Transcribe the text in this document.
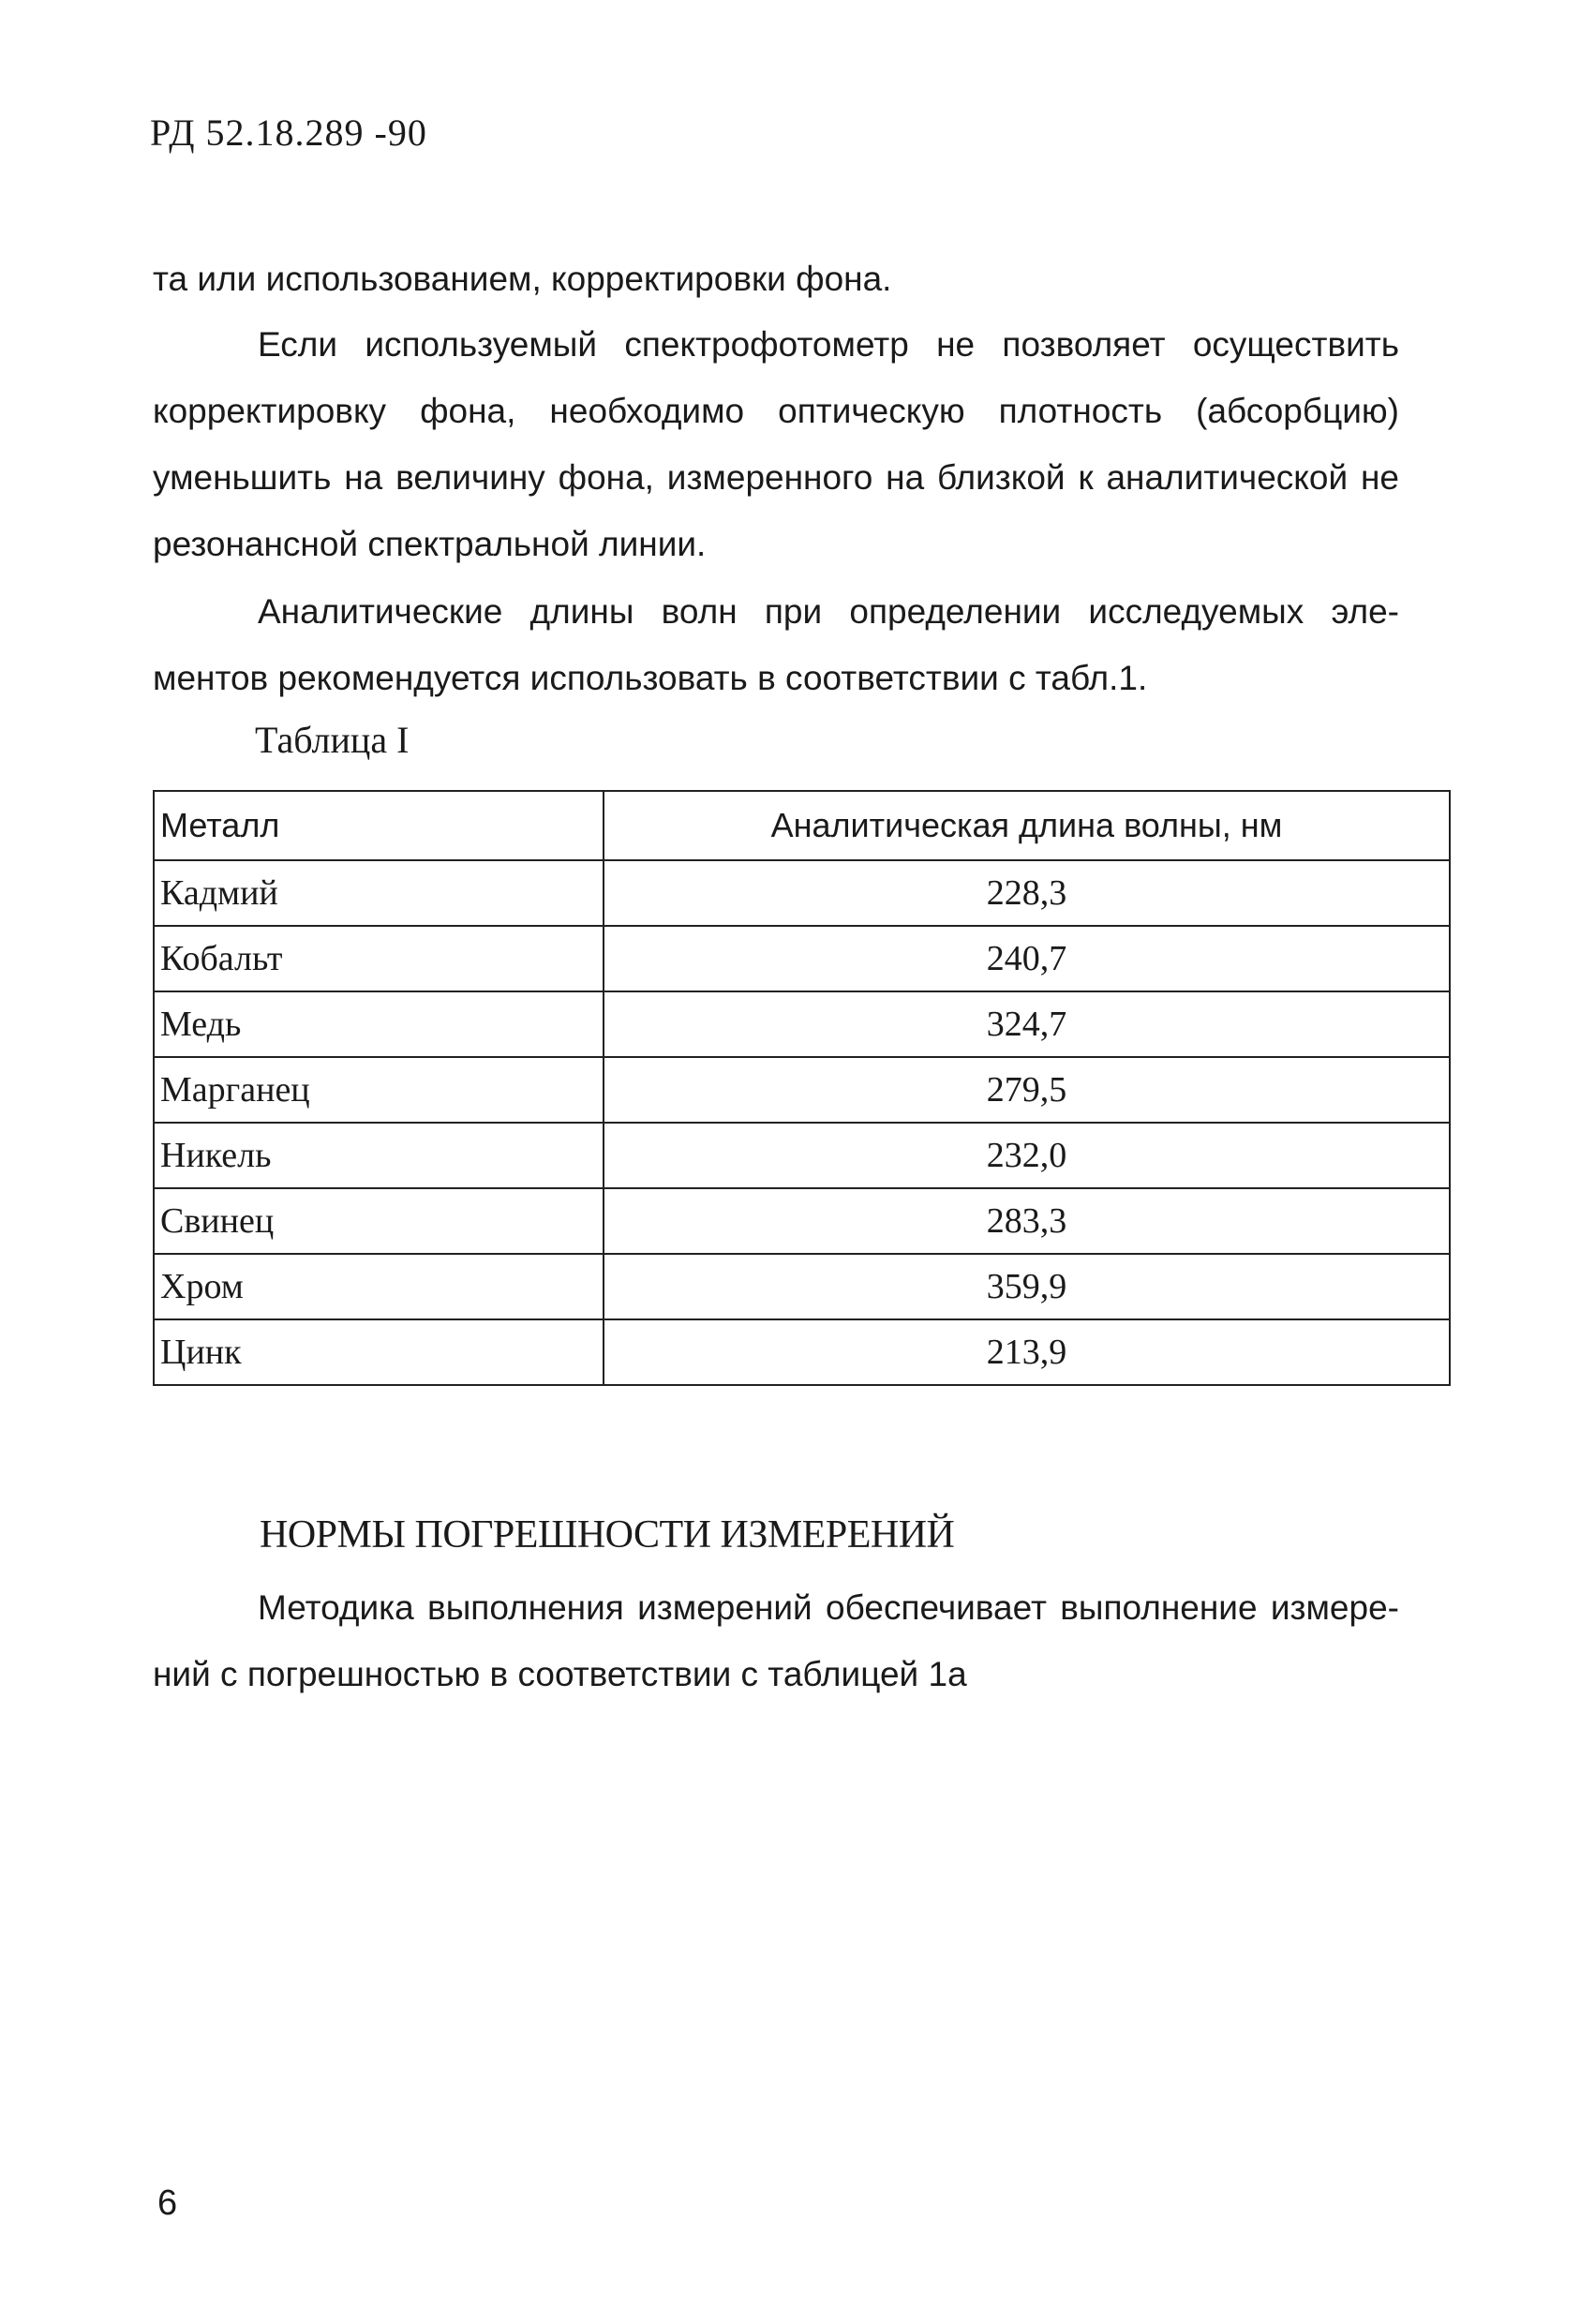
РД 52.18.289 -90
та или использованием, корректировки фона.
Если используемый спектрофотометр не позволяет осуществить
корректировку фона, необходимо оптическую плотность (абсорбцию)
уменьшить на величину фона, измеренного на близкой к аналитической не
резонансной спектральной линии.
Аналитические длины волн при определении исследуемых эле-
ментов рекомендуется использовать в соответствии с табл.1.
Таблица I
Металл	Аналитическая длина волны, нм
Кадмий	228,3
Кобальт	240,7
Медь	324,7
Марганец	279,5
Никель	232,0
Свинец	283,3
Хром	359,9
Цинк	213,9
НОРМЫ ПОГРЕШНОСТИ ИЗМЕРЕНИЙ
Методика выполнения измерений обеспечивает выполнение измере-
ний с погрешностью в соответствии с таблицей 1а
6
